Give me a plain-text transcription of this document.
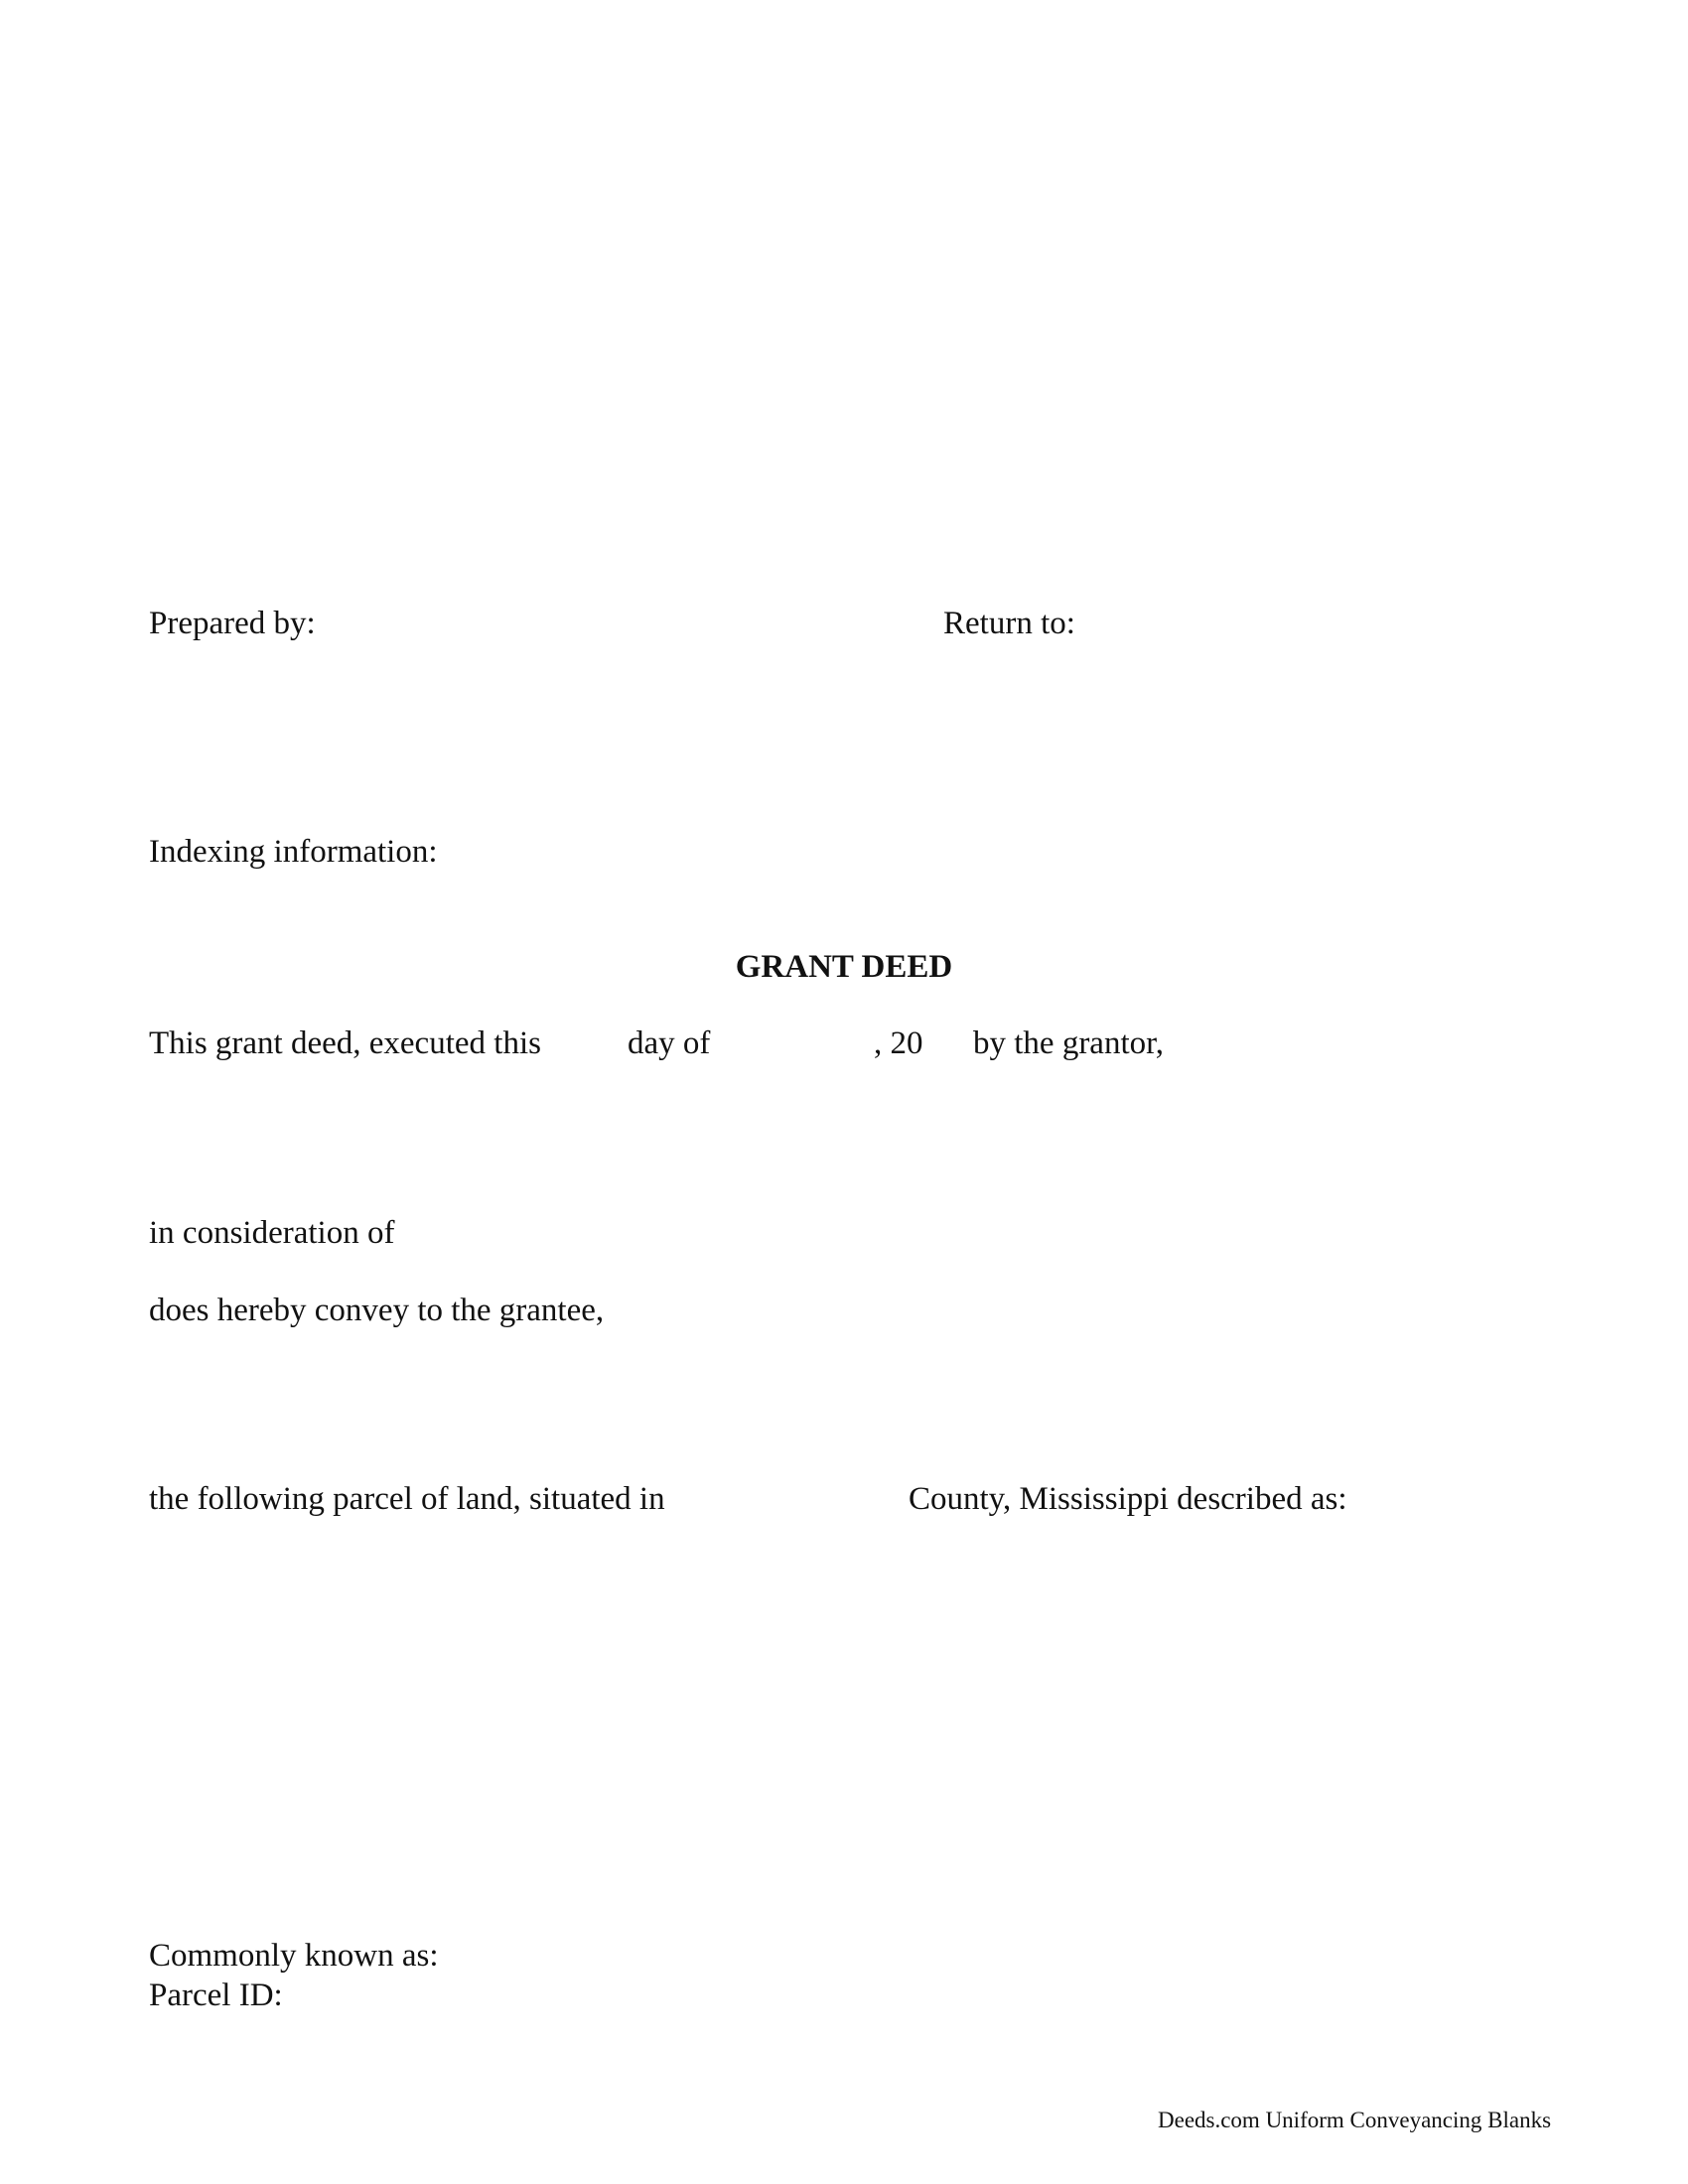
Prepared by:	Return to:
Indexing information:
GRANT DEED
This grant deed, executed this	day of	, 20 by the grantor,
in consideration of
does hereby convey to the grantee,
the following parcel of land, situated in	County, Mississippi described as:
Commonly known as:
Parcel ID:
Deeds.com Uniform Conveyancing Blanks
